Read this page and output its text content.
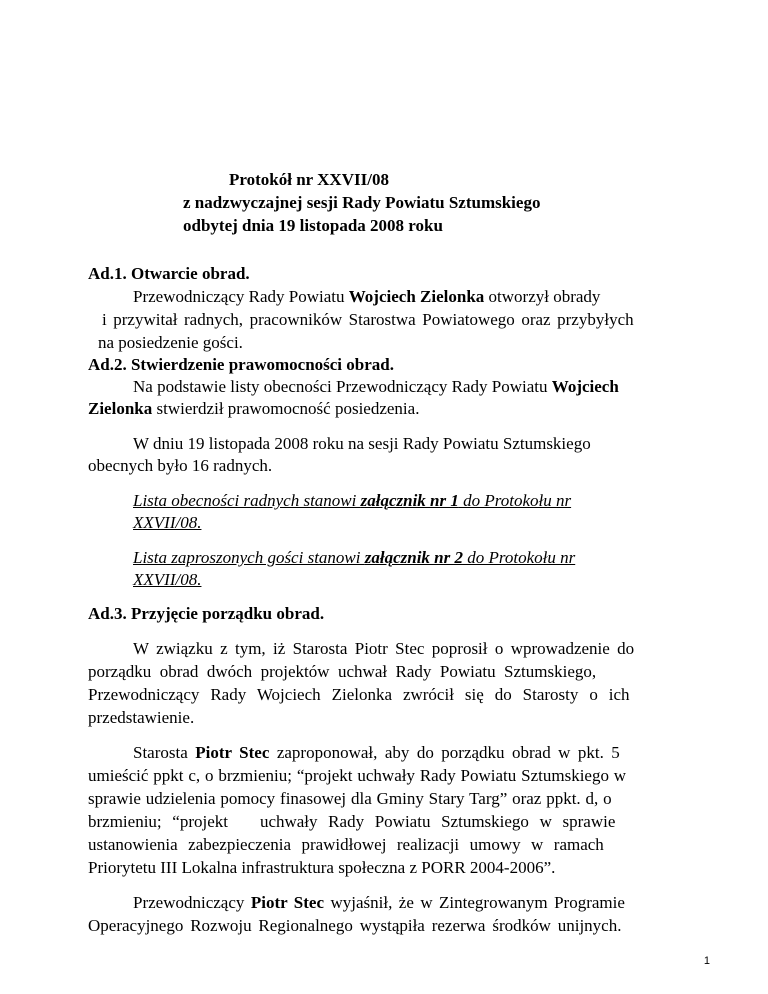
Protokół nr XXVII/08
z nadzwyczajnej sesji Rady Powiatu Sztumskiego
odbytej dnia 19 listopada 2008 roku
Ad.1. Otwarcie obrad.
Przewodniczący Rady Powiatu Wojciech Zielonka otworzył obrady
i przywitał radnych, pracowników Starostwa Powiatowego oraz przybyłych
na posiedzenie gości.
Ad.2. Stwierdzenie prawomocności obrad.
Na podstawie listy obecności Przewodniczący Rady Powiatu Wojciech
Zielonka stwierdził prawomocność posiedzenia.
W dniu 19 listopada 2008 roku na sesji Rady Powiatu Sztumskiego
obecnych było 16 radnych.
Lista obecności radnych stanowi załącznik nr 1 do Protokołu nr
XXVII/08.
Lista zaproszonych gości stanowi załącznik nr 2 do Protokołu nr
XXVII/08.
Ad.3. Przyjęcie porządku obrad.
W związku z tym, iż Starosta Piotr Stec poprosił o wprowadzenie do
porządku obrad dwóch projektów uchwał Rady Powiatu Sztumskiego,
Przewodniczący Rady Wojciech Zielonka zwrócił się do Starosty o ich
przedstawienie.
Starosta Piotr Stec zaproponował, aby do porządku obrad w pkt. 5
umieścić ppkt c, o brzmieniu; “projekt uchwały Rady Powiatu Sztumskiego w
sprawie udzielenia pomocy finasowej dla Gminy Stary Targ” oraz ppkt. d, o
brzmieniu; “projekt   uchwały Rady Powiatu Sztumskiego w sprawie
ustanowienia zabezpieczenia prawidłowej realizacji umowy w ramach
Priorytetu III Lokalna infrastruktura społeczna z PORR 2004-2006”.
Przewodniczący Piotr Stec wyjaśnił, że w Zintegrowanym Programie
Operacyjnego Rozwoju Regionalnego wystąpiła rezerwa środków unijnych.
1
